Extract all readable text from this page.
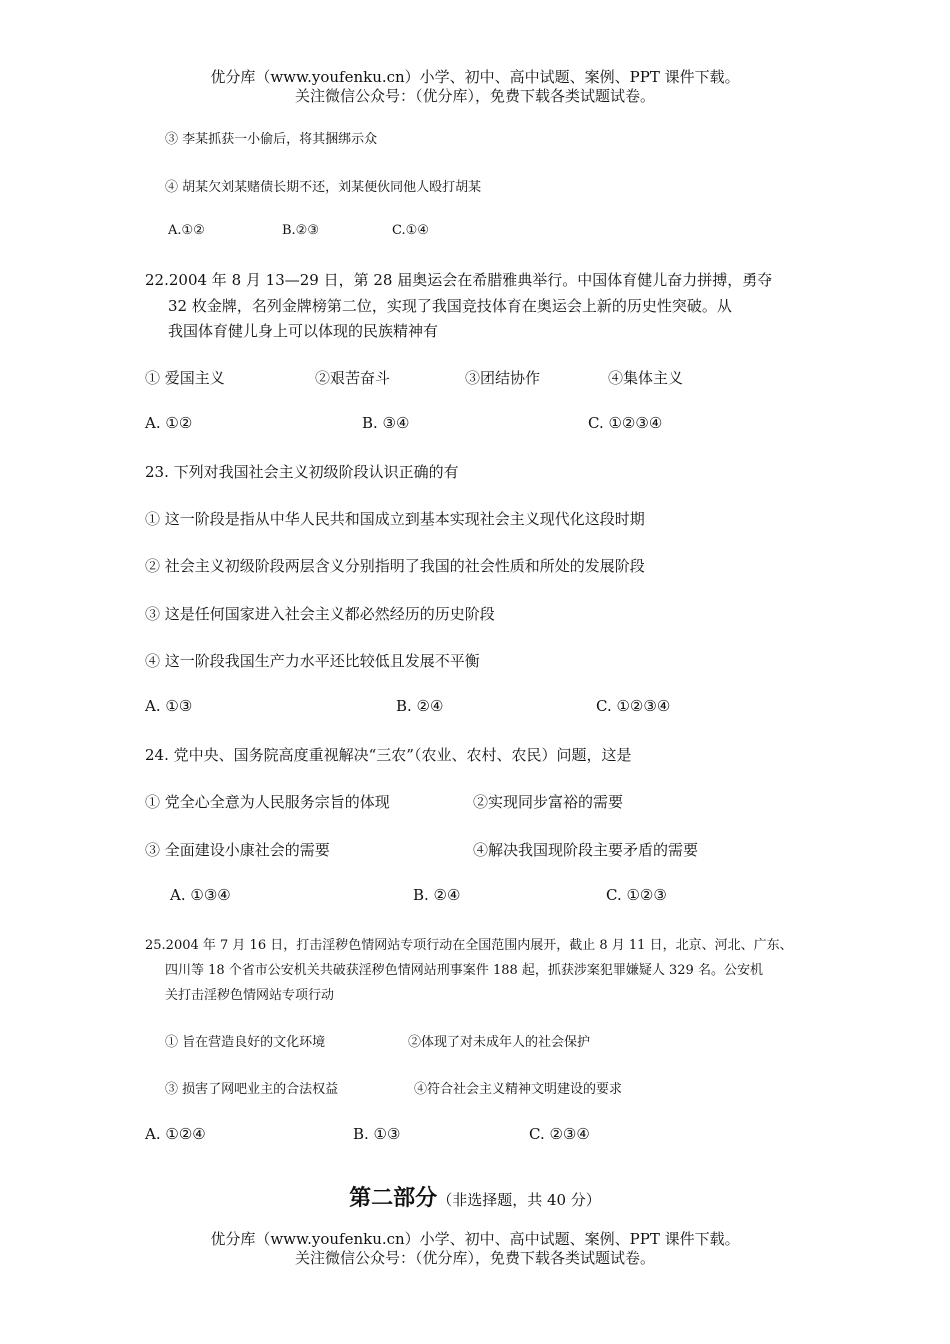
优分库（www.youfenku.cn）小学、初中、高中试题、案例、PPT 课件下载。
关注微信公众号：（优分库），免费下载各类试题试卷。
③ 李某抓获一小偷后，将其捆绑示众
④ 胡某欠刘某赌债长期不还，刘某便伙同他人殴打胡某
A.①②	B.②③	C.①④
22.2004 年 8 月 13—29 日，第 28 届奥运会在希腊雅典举行。中国体育健儿奋力拼搏，勇夺
32 枚金牌，名列金牌榜第二位，实现了我国竞技体育在奥运会上新的历史性突破。从
我国体育健儿身上可以体现的民族精神有
① 爱国主义	②艰苦奋斗	③团结协作	④集体主义
A. ①②	B. ③④	C. ①②③④
23. 下列对我国社会主义初级阶段认识正确的有
① 这一阶段是指从中华人民共和国成立到基本实现社会主义现代化这段时期
② 社会主义初级阶段两层含义分别指明了我国的社会性质和所处的发展阶段
③ 这是任何国家进入社会主义都必然经历的历史阶段
④ 这一阶段我国生产力水平还比较低且发展不平衡
A. ①③	B. ②④	C. ①②③④
24. 党中央、国务院高度重视解决“三农”（农业、农村、农民）问题，这是
① 党全心全意为人民服务宗旨的体现	②实现同步富裕的需要
③ 全面建设小康社会的需要	④解决我国现阶段主要矛盾的需要
A. ①③④	B. ②④	C. ①②③
25.2004 年 7 月 16 日，打击淫秽色情网站专项行动在全国范围内展开，截止 8 月 11 日，北京、河北、广东、
四川等 18 个省市公安机关共破获淫秽色情网站刑事案件 188 起，抓获涉案犯罪嫌疑人 329 名。公安机
关打击淫秽色情网站专项行动
① 旨在营造良好的文化环境	②体现了对未成年人的社会保护
③ 损害了网吧业主的合法权益	④符合社会主义精神文明建设的要求
A. ①②④	B. ①③	C. ②③④
第二部分（非选择题，共 40 分）
优分库（www.youfenku.cn）小学、初中、高中试题、案例、PPT 课件下载。
关注微信公众号：（优分库），免费下载各类试题试卷。
